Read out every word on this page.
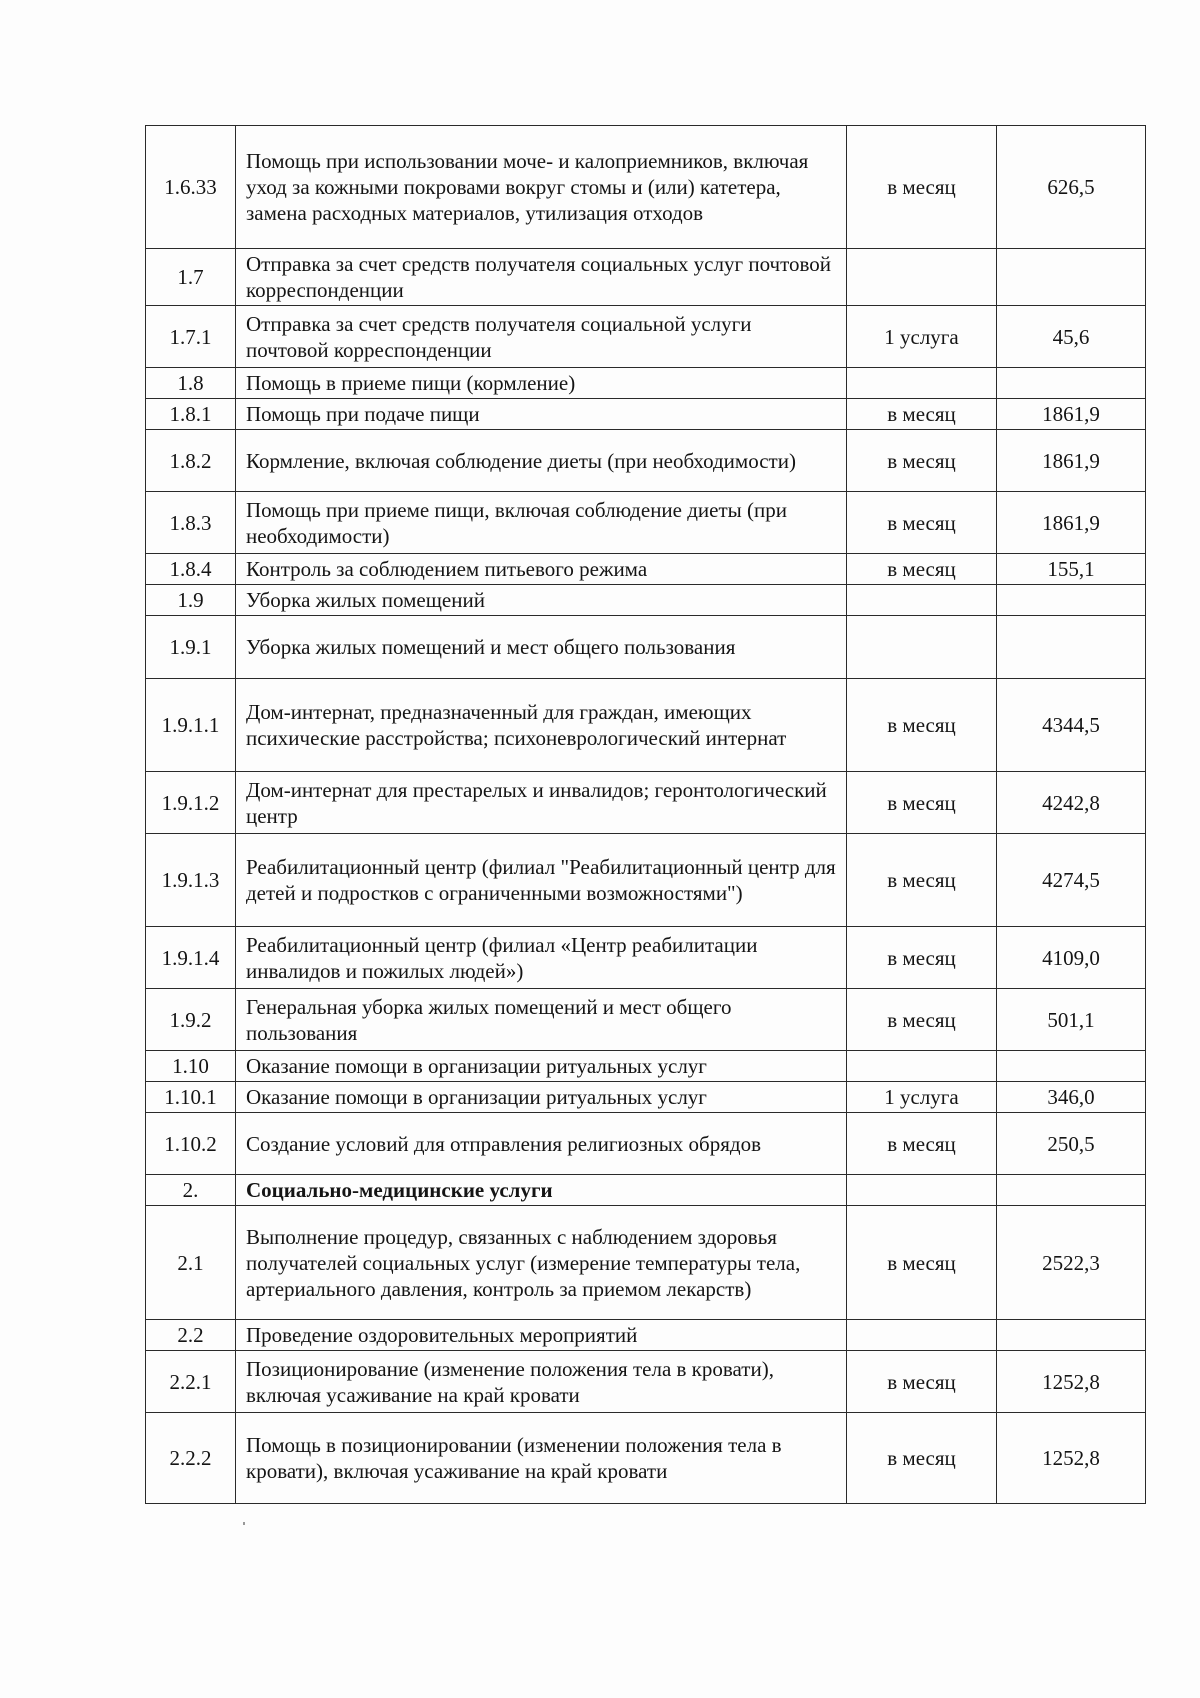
1.6.33	Помощь при использовании моче- и калоприемников, включая уход за кожными покровами вокруг стомы и (или) катетера, замена расходных материалов, утилизация отходов	в месяц	626,5
1.7	Отправка за счет средств получателя социальных услуг почтовой корреспонденции		
1.7.1	Отправка за счет средств получателя социальной услуги почтовой корреспонденции	1 услуга	45,6
1.8	Помощь в приеме пищи (кормление)		
1.8.1	Помощь при подаче пищи	в месяц	1861,9
1.8.2	Кормление, включая соблюдение диеты (при необходимости)	в месяц	1861,9
1.8.3	Помощь при приеме пищи, включая соблюдение диеты (при необходимости)	в месяц	1861,9
1.8.4	Контроль за соблюдением питьевого режима	в месяц	155,1
1.9	Уборка жилых помещений		
1.9.1	Уборка жилых помещений и мест общего пользования		
1.9.1.1	Дом-интернат, предназначенный для граждан, имеющих психические расстройства; психоневрологический интернат	в месяц	4344,5
1.9.1.2	Дом-интернат для престарелых и инвалидов; геронтологический центр	в месяц	4242,8
1.9.1.3	Реабилитационный центр (филиал "Реабилитационный центр для детей и подростков с ограниченными возможностями")	в месяц	4274,5
1.9.1.4	Реабилитационный центр (филиал «Центр реабилитации инвалидов и пожилых людей»)	в месяц	4109,0
1.9.2	Генеральная уборка жилых помещений и мест общего пользования	в месяц	501,1
1.10	Оказание помощи в организации ритуальных услуг		
1.10.1	Оказание помощи в организации ритуальных услуг	1 услуга	346,0
1.10.2	Создание условий для отправления религиозных обрядов	в месяц	250,5
2.	Социально-медицинские услуги		
2.1	Выполнение процедур, связанных с наблюдением здоровья получателей социальных услуг (измерение температуры тела, артериального давления, контроль за приемом лекарств)	в месяц	2522,3
2.2	Проведение оздоровительных мероприятий		
2.2.1	Позиционирование (изменение положения тела в кровати), включая усаживание на край кровати	в месяц	1252,8
2.2.2	Помощь в позиционировании (изменении положения тела в кровати), включая усаживание на край кровати	в месяц	1252,8
